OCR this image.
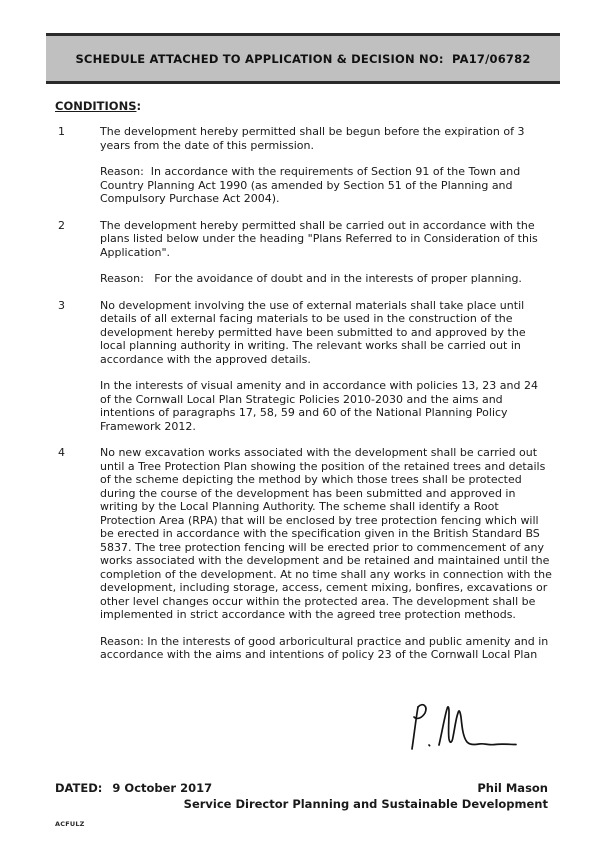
SCHEDULE ATTACHED TO APPLICATION & DECISION NO:  PA17/06782
CONDITIONS:
1	The development hereby permitted shall be begun before the expiration of 3 years from the date of this permission.

Reason:  In accordance with the requirements of Section 91 of the Town and Country Planning Act 1990 (as amended by Section 51 of the Planning and Compulsory Purchase Act 2004).

2	The development hereby permitted shall be carried out in accordance with the plans listed below under the heading "Plans Referred to in Consideration of this Application".

Reason:   For the avoidance of doubt and in the interests of proper planning.

3	No development involving the use of external materials shall take place until details of all external facing materials to be used in the construction of the development hereby permitted have been submitted to and approved by the local planning authority in writing. The relevant works shall be carried out in accordance with the approved details.

In the interests of visual amenity and in accordance with policies 13, 23 and 24 of the Cornwall Local Plan Strategic Policies 2010-2030 and the aims and intentions of paragraphs 17, 58, 59 and 60 of the National Planning Policy Framework 2012.

4	No new excavation works associated with the development shall be carried out until a Tree Protection Plan showing the position of the retained trees and details of the scheme depicting the method by which those trees shall be protected during the course of the development has been submitted and approved in writing by the Local Planning Authority. The scheme shall identify a Root Protection Area (RPA) that will be enclosed by tree protection fencing which will be erected in accordance with the specification given in the British Standard BS 5837. The tree protection fencing will be erected prior to commencement of any works associated with the development and be retained and maintained until the completion of the development. At no time shall any works in connection with the development, including storage, access, cement mixing, bonfires, excavations or other level changes occur within the protected area. The development shall be implemented in strict accordance with the agreed tree protection methods.

Reason: In the interests of good arboricultural practice and public amenity and in accordance with the aims and intentions of policy 23 of the Cornwall Local Plan

DATED: 9 October 2017	Phil Mason
Service Director Planning and Sustainable Development
ACFULZ
